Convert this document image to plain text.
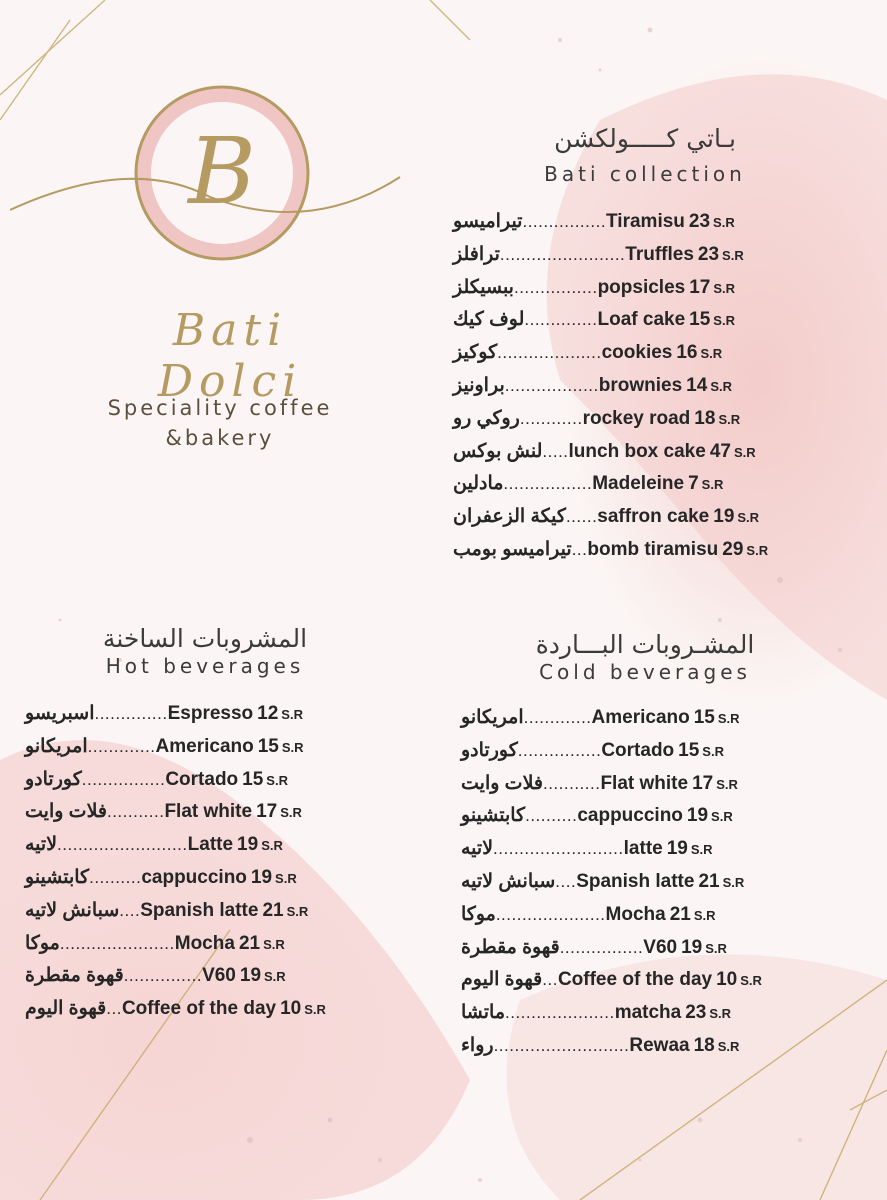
B
Bati Dolci
Speciality coffee
&bakery
بـاتي كـــــولكشن
Bati collection
تيراميسو ................ Tiramisu 23 S.R
ترافلز ........................ Truffles 23 S.R
ببسيكلز ................ popsicles 17 S.R
لوف كيك .............. Loaf cake 15 S.R
كوكيز .................... cookies 16 S.R
براونيز .................. brownies 14 S.R
روكي رو ............ rockey road 18 S.R
لنش بوكس ..... lunch box cake 47 S.R
مادلين ................. Madeleine 7 S.R
كيكة الزعفران ...... saffron cake 19 S.R
تيراميسو بومب ... bomb tiramisu 29 S.R
المشروبات الساخنة
Hot beverages
اسبريسو .............. Espresso 12 S.R
امريكانو ............. Americano 15 S.R
كورتادو ................ Cortado 15 S.R
فلات وايت ........... Flat white 17 S.R
لاتيه ......................... Latte 19 S.R
كابتشينو .......... cappuccino 19 S.R
سبانش لاتيه .... Spanish latte 21 S.R
موكا ...................... Mocha 21 S.R
قهوة مقطرة ............... V60 19 S.R
قهوة اليوم ... Coffee of the day 10 S.R
المشـروبات البـــاردة
Cold beverages
امريكانو ............. Americano 15 S.R
كورتادو ................ Cortado 15 S.R
فلات وايت ........... Flat white 17 S.R
كابتشينو .......... cappuccino 19 S.R
لاتيه ......................... latte 19 S.R
سبانش لاتيه .... Spanish latte 21 S.R
موكا ..................... Mocha 21 S.R
قهوة مقطرة ................ V60 19 S.R
قهوة اليوم ... Coffee of the day 10 S.R
ماتشا ..................... matcha 23 S.R
رواء .......................... Rewaa 18 S.R
